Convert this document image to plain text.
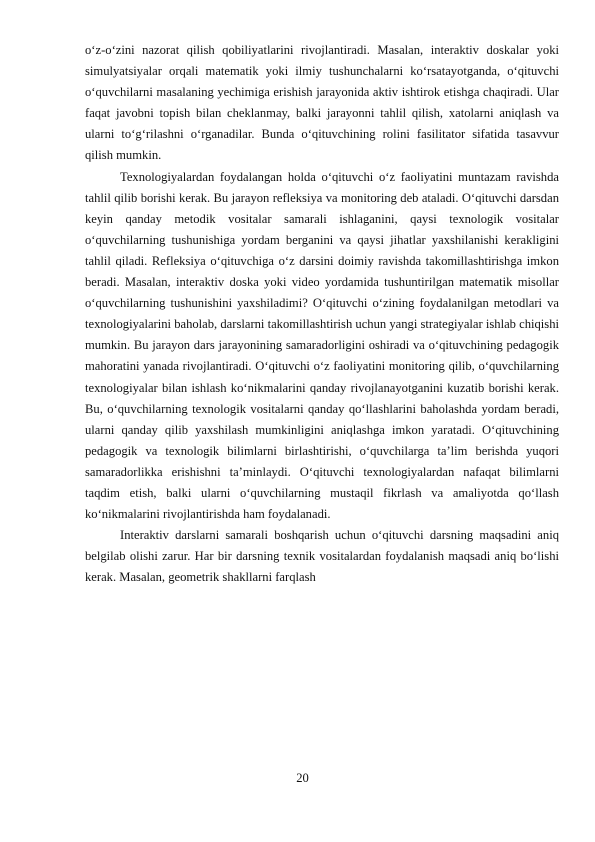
o‘z-o‘zini nazorat qilish qobiliyatlarini rivojlantiradi. Masalan, interaktiv doskalar yoki simulyatsiyalar orqali matematik yoki ilmiy tushunchalarni ko‘rsatayotganda, o‘qituvchi o‘quvchilarni masalaning yechimiga erishish jarayonida aktiv ishtirok etishga chaqiradi. Ular faqat javobni topish bilan cheklanmay, balki jarayonni tahlil qilish, xatolarni aniqlash va ularni to‘g‘rilashni o‘rganadilar. Bunda o‘qituvchining rolini fasilitator sifatida tasavvur qilish mumkin.

Texnologiyalardan foydalangan holda o‘qituvchi o‘z faoliyatini muntazam ravishda tahlil qilib borishi kerak. Bu jarayon refleksiya va monitoring deb ataladi. O‘qituvchi darsdan keyin qanday metodik vositalar samarali ishlaganini, qaysi texnologik vositalar o‘quvchilarning tushunishiga yordam berganini va qaysi jihatlar yaxshilanishi kerakligini tahlil qiladi. Refleksiya o‘qituvchiga o‘z darsini doimiy ravishda takomillashtirishga imkon beradi. Masalan, interaktiv doska yoki video yordamida tushuntirilgan matematik misollar o‘quvchilarning tushunishini yaxshiladimi? O‘qituvchi o‘zining foydalanilgan metodlari va texnologiyalarini baholab, darslarni takomillashtirish uchun yangi strategiyalar ishlab chiqishi mumkin. Bu jarayon dars jarayonining samaradorligini oshiradi va o‘qituvchining pedagogik mahoratini yanada rivojlantiradi. O‘qituvchi o‘z faoliyatini monitoring qilib, o‘quvchilarning texnologiyalar bilan ishlash ko‘nikmalarini qanday rivojlanayotganini kuzatib borishi kerak. Bu, o‘quvchilarning texnologik vositalarni qanday qo‘llashlarini baholashda yordam beradi, ularni qanday qilib yaxshilash mumkinligini aniqlashga imkon yaratadi. O‘qituvchining pedagogik va texnologik bilimlarni birlashtirishi, o‘quvchilarga ta’lim berishda yuqori samaradorlikka erishishni ta’minlaydi. O‘qituvchi texnologiyalardan nafaqat bilimlarni taqdim etish, balki ularni o‘quvchilarning mustaqil fikrlash va amaliyotda qo‘llash ko‘nikmalarini rivojlantirishda ham foydalanadi.

Interaktiv darslarni samarali boshqarish uchun o‘qituvchi darsning maqsadini aniq belgilab olishi zarur. Har bir darsning texnik vositalardan foydalanish maqsadi aniq bo‘lishi kerak. Masalan, geometrik shakllarni farqlash

20
